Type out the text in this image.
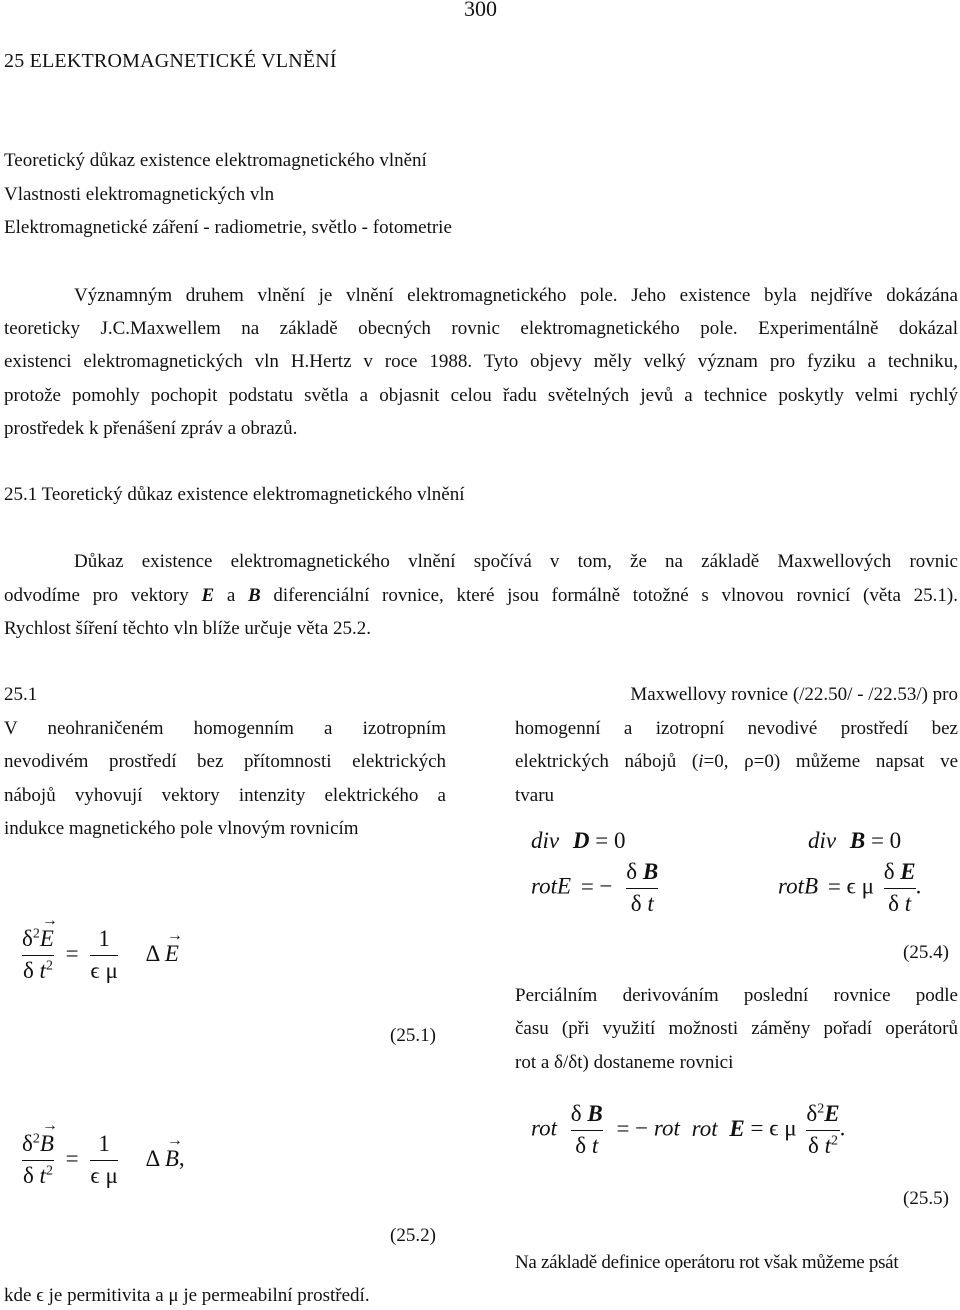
300
25 ELEKTROMAGNETICKÉ VLNĚNÍ
Teoretický důkaz existence elektromagnetického vlnění
Vlastnosti elektromagnetických vln
Elektromagnetické záření - radiometrie, světlo - fotometrie
Významným druhem vlnění je vlnění elektromagnetického pole. Jeho existence byla nejdříve dokázána
teoreticky J.C.Maxwellem na základě obecných rovnic elektromagnetického pole. Experimentálně dokázal
existenci elektromagnetických vln H.Hertz v roce 1988. Tyto objevy měly velký význam pro fyziku a techniku,
protože pomohly pochopit podstatu světla a objasnit celou řadu světelných jevů a technice poskytly velmi rychlý
prostředek k přenášení zpráv a obrazů.
25.1 Teoretický důkaz existence elektromagnetického vlnění
Důkaz existence elektromagnetického vlnění spočívá v tom, že na základě Maxwellových rovnic
odvodíme pro vektory E a B diferenciální rovnice, které jsou formálně totožné s vlnovou rovnicí (věta 25.1).
Rychlost šíření těchto vln blíže určuje věta 25.2.
25.1
V neohraničeném homogenním a izotropním
nevodivém prostředí bez přítomnosti elektrických
nábojů vyhovují vektory intenzity elektrického a
indukce magnetického pole vlnovým rovnicím
$\frac{\delta^2\to E}{\delta t^2} = \frac{1}{\text{ϵ μ}}$ Δ → E
(25.1)
$\frac{\delta^2\to B}{\delta t^2} = \frac{1}{\text{ϵ μ}}$ Δ → B,
(25.2)
kde ϵ je permitivita a μ je permeabilní prostředí.
Maxwellovy rovnice (/22.50/ - /22.53/) pro
homogenní a izotropní nevodivé prostředí bez
elektrických nábojů (i=0, ρ=0) můžeme napsat ve
tvaru
div D = 0	div B = 0
rotE = − $\frac{\text{δ B}}{\text{δ t}}$	rotB = ϵ μ $\frac{\text{δ E}}{\text{δ t}}$ .
(25.4)
Perciálním derivováním poslední rovnice podle
času (při využití možnosti záměny pořadí operátorů
rot a δ/δt) dostaneme rovnici
rot $\frac{\text{δ B}}{\text{δ t}}$ = − rot rot E = ϵ μ $\frac{\delta^2E}{\delta t^2}$ .
(25.5)
Na základě definice operátoru rot však můžeme psát
